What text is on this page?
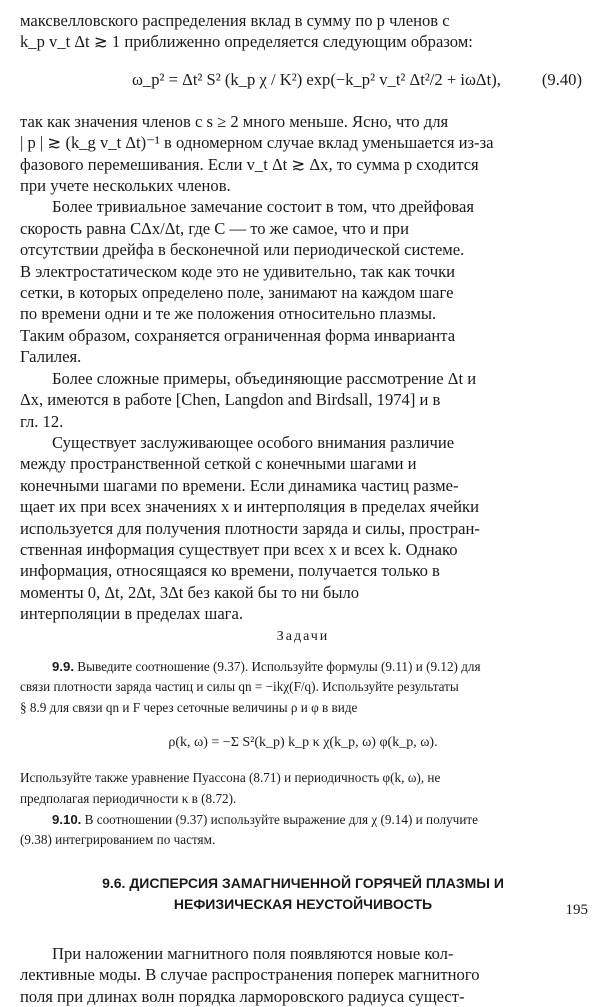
максвелловского распределения вклад в сумму по p членов с
k_p v_t Δt ≳ 1 приближенно определяется следующим образом:

ω_p² = Δt² S² (k_p χ / K²) exp(−k_p² v_t² Δt²/2 + iωΔt), (9.40)

так как значения членов с s ≥ 2 много меньше. Ясно, что для
| p | ≳ (k_g v_t Δt)⁻¹ в одномерном случае вклад уменьшается из-за
фазового перемешивания. Если v_t Δt ≳ Δx, то сумма p сходится
при учете нескольких членов.

Более тривиальное замечание состоит в том, что дрейфовая
скорость равна CΔx/Δt, где C — то же самое, что и при
отсутствии дрейфа в бесконечной или периодической системе.
В электростатическом коде это не удивительно, так как точки
сетки, в которых определено поле, занимают на каждом шаге
по времени одни и те же положения относительно плазмы.
Таким образом, сохраняется ограниченная форма инварианта
Галилея.

Более сложные примеры, объединяющие рассмотрение Δt и
Δx, имеются в работе [Chen, Langdon and Birdsall, 1974] и в
гл. 12.

Существует заслуживающее особого внимания различие
между пространственной сеткой с конечными шагами и
конечными шагами по времени. Если динамика частиц разме-
щает их при всех значениях x и интерполяция в пределах ячейки
используется для получения плотности заряда и силы, простран-
ственная информация существует при всех x и всех k. Однако
информация, относящаяся ко времени, получается только в
моменты 0, Δt, 2Δt, 3Δt без какой бы то ни было
интерполяции в пределах шага.

Задачи

9.9. Выведите соотношение (9.37). Используйте формулы (9.11) и (9.12) для
связи плотности заряда частиц и силы qn = −ikχ(F/q). Используйте результаты
§ 8.9 для связи qn и F через сеточные величины ρ и φ в виде

ρ(k, ω) = −Σ S²(k_p) k_p κ χ(k_p, ω) φ(k_p, ω).

Используйте также уравнение Пуассона (8.71) и периодичность φ(k, ω), не
предполагая периодичности κ в (8.72).

9.10. В соотношении (9.37) используйте выражение для χ (9.14) и получите
(9.38) интегрированием по частям.

9.6. ДИСПЕРСИЯ ЗАМАГНИЧЕННОЙ ГОРЯЧЕЙ ПЛАЗМЫ И
НЕФИЗИЧЕСКАЯ НЕУСТОЙЧИВОСТЬ

При наложении магнитного поля появляются новые кол-
лективные моды. В случае распространения поперек магнитного
поля при длинах волн порядка ларморовского радиуса сущест-

195
